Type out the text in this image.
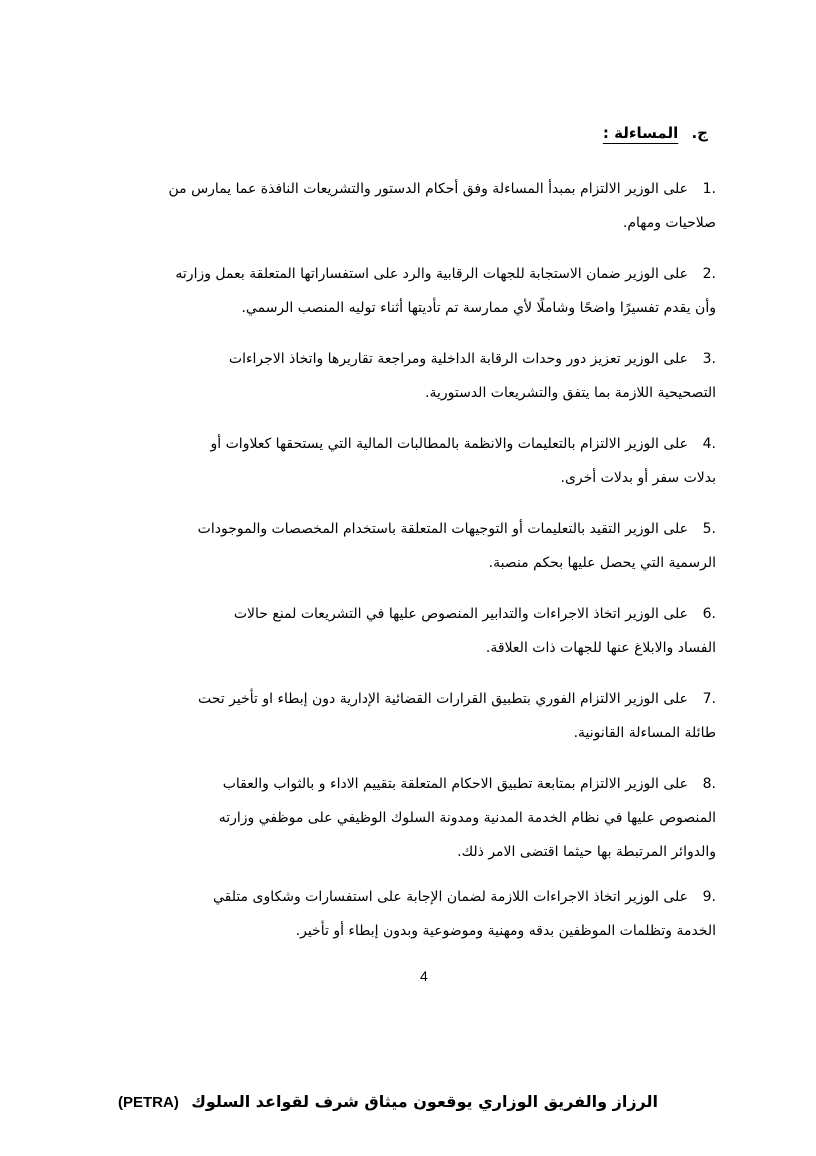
ج. المساءلة :
1.على الوزير الالتزام بمبدأ المساءلة وفق أحكام الدستور والتشريعات النافذة عما يمارس من
صلاحيات ومهام.
2.على الوزير ضمان الاستجابة للجهات الرقابية والرد على استفساراتها المتعلقة بعمل وزارته
وأن يقدم تفسيرًا واضحًا وشاملًا لأي ممارسة تم تأديتها أثناء توليه المنصب الرسمي.
3.على الوزير تعزيز دور وحدات الرقابة الداخلية ومراجعة تقاريرها واتخاذ الاجراءات
التصحيحية اللازمة بما يتفق والتشريعات الدستورية.
4.على الوزير الالتزام بالتعليمات والانظمة بالمطالبات المالية التي يستحقها كعلاوات أو
بدلات سفر أو بدلات أخرى.
5.على الوزير التقيد بالتعليمات أو التوجيهات المتعلقة باستخدام المخصصات والموجودات
الرسمية التي يحصل عليها بحكم منصبة.
6.على الوزير اتخاذ الاجراءات والتدابير المنصوص عليها في التشريعات لمنع حالات
الفساد والابلاغ عنها للجهات ذات العلاقة.
7.على الوزير الالتزام الفوري بتطبيق القرارات القضائية الإدارية دون إبطاء او تأخير تحت
طائلة المساءلة القانونية.
8.على الوزير الالتزام بمتابعة تطبيق الاحكام المتعلقة بتقييم الاداء و بالثواب والعقاب
المنصوص عليها في نظام الخدمة المدنية ومدونة السلوك الوظيفي على موظفي وزارته
والدوائر المرتبطة بها حيثما اقتضى الامر ذلك.
9.على الوزير اتخاذ الاجراءات اللازمة لضمان الإجابة على استفسارات وشكاوى متلقي
الخدمة وتظلمات الموظفين بدقه ومهنية وموضوعية وبدون إبطاء أو تأخير.
4
(PETRA) الرزاز والفريق الوزاري يوقعون ميثاق شرف لقواعد السلوك
